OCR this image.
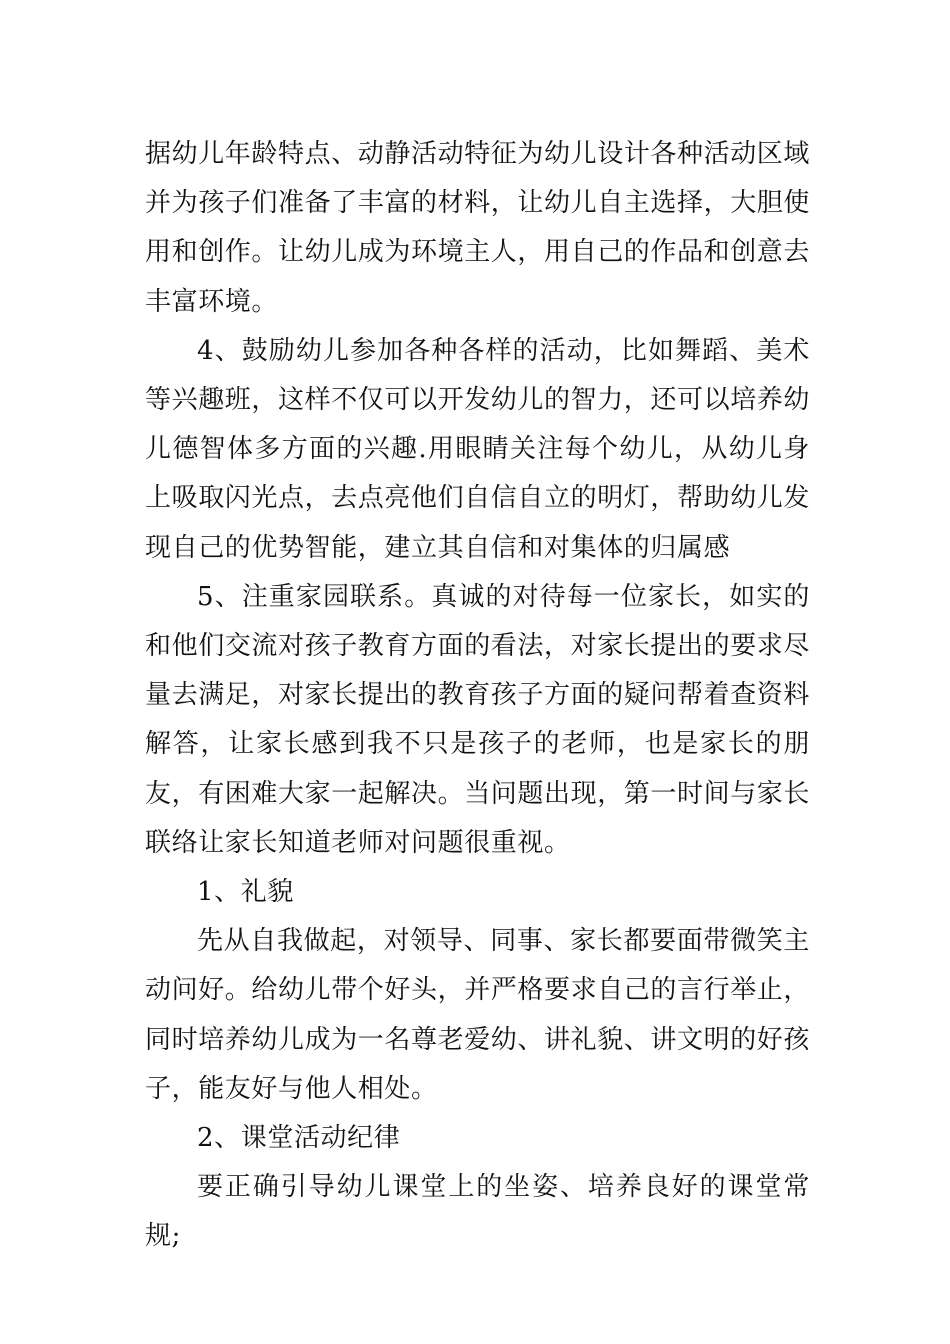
据幼儿年龄特点、动静活动特征为幼儿设计各种活动区域并为孩子们准备了丰富的材料，让幼儿自主选择，大胆使用和创作。让幼儿成为环境主人，用自己的作品和创意去丰富环境。

4、鼓励幼儿参加各种各样的活动，比如舞蹈、美术等兴趣班，这样不仅可以开发幼儿的智力，还可以培养幼儿德智体多方面的兴趣.用眼睛关注每个幼儿，从幼儿身上吸取闪光点，去点亮他们自信自立的明灯，帮助幼儿发现自己的优势智能，建立其自信和对集体的归属感

5、注重家园联系。真诚的对待每一位家长，如实的和他们交流对孩子教育方面的看法，对家长提出的要求尽量去满足，对家长提出的教育孩子方面的疑问帮着查资料解答，让家长感到我不只是孩子的老师，也是家长的朋友，有困难大家一起解决。当问题出现，第一时间与家长联络让家长知道老师对问题很重视。

1、礼貌

先从自我做起，对领导、同事、家长都要面带微笑主动问好。给幼儿带个好头，并严格要求自己的言行举止，同时培养幼儿成为一名尊老爱幼、讲礼貌、讲文明的好孩子，能友好与他人相处。

2、课堂活动纪律

要正确引导幼儿课堂上的坐姿、培养良好的课堂常规;
